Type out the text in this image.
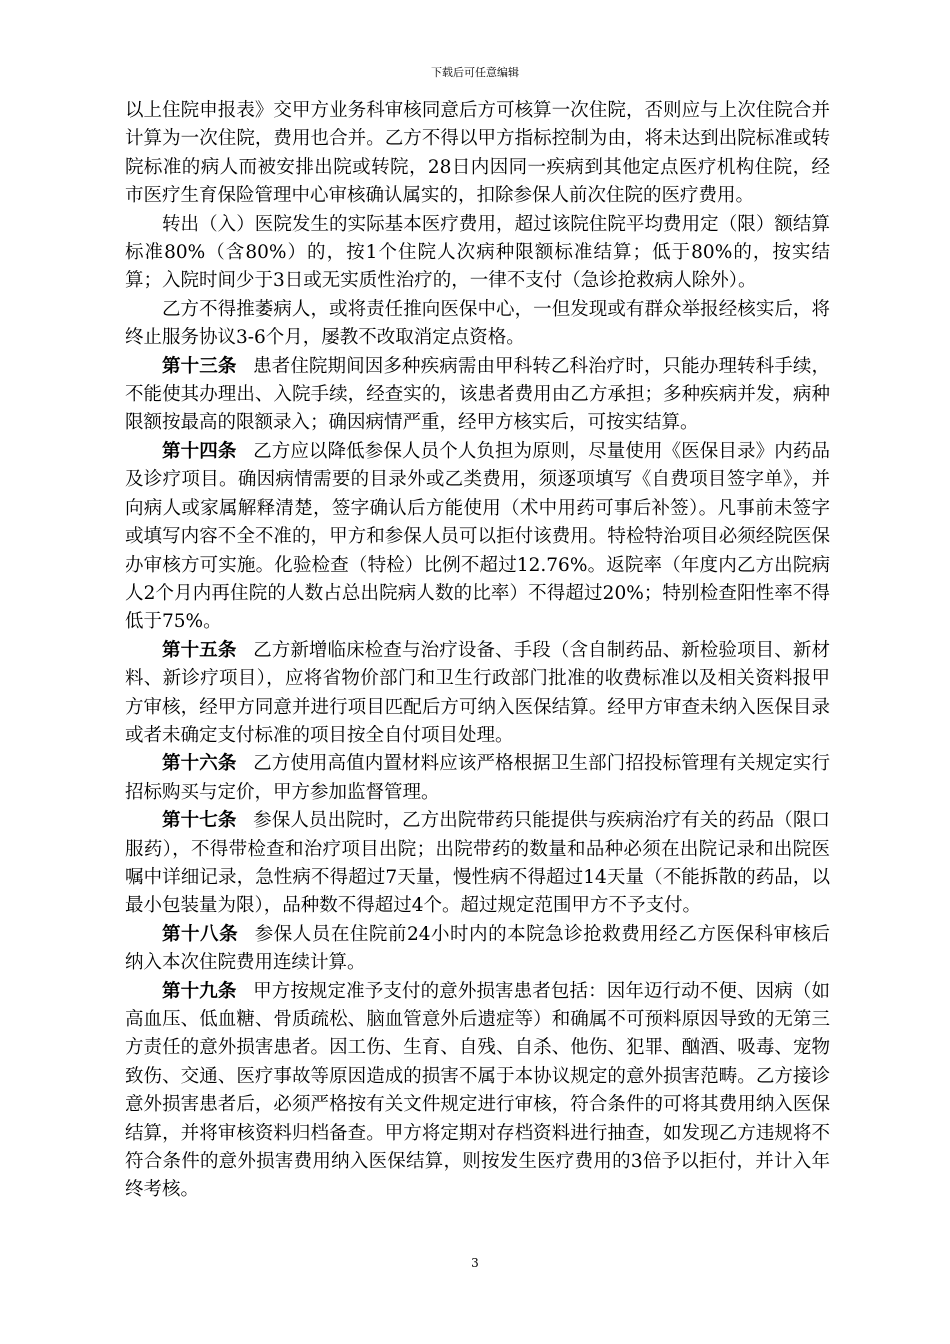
下载后可任意编辑

以上住院申报表》交甲方业务科审核同意后方可核算一次住院，否则应与上次住院合并计算为一次住院，费用也合并。乙方不得以甲方指标控制为由，将未达到出院标准或转院标准的病人而被安排出院或转院，28日内因同一疾病到其他定点医疗机构住院，经市医疗生育保险管理中心审核确认属实的，扣除参保人前次住院的医疗费用。

转出（入）医院发生的实际基本医疗费用，超过该院住院平均费用定（限）额结算标准80%（含80%）的，按1个住院人次病种限额标准结算；低于80%的，按实结算；入院时间少于3日或无实质性治疗的，一律不支付（急诊抢救病人除外）。

乙方不得推萎病人，或将责任推向医保中心，一但发现或有群众举报经核实后，将终止服务协议3-6个月，屡教不改取消定点资格。

第十三条 患者住院期间因多种疾病需由甲科转乙科治疗时，只能办理转科手续，不能使其办理出、入院手续，经查实的，该患者费用由乙方承担；多种疾病并发，病种限额按最高的限额录入；确因病情严重，经甲方核实后，可按实结算。

第十四条 乙方应以降低参保人员个人负担为原则，尽量使用《医保目录》内药品及诊疗项目。确因病情需要的目录外或乙类费用，须逐项填写《自费项目签字单》，并向病人或家属解释清楚，签字确认后方能使用（术中用药可事后补签）。凡事前未签字或填写内容不全不准的，甲方和参保人员可以拒付该费用。特检特治项目必须经院医保办审核方可实施。化验检查（特检）比例不超过12.76%。返院率（年度内乙方出院病人2个月内再住院的人数占总出院病人数的比率）不得超过20%；特别检查阳性率不得低于75%。

第十五条 乙方新增临床检查与治疗设备、手段（含自制药品、新检验项目、新材料、新诊疗项目），应将省物价部门和卫生行政部门批准的收费标准以及相关资料报甲方审核，经甲方同意并进行项目匹配后方可纳入医保结算。经甲方审查未纳入医保目录或者未确定支付标准的项目按全自付项目处理。

第十六条 乙方使用高值内置材料应该严格根据卫生部门招投标管理有关规定实行招标购买与定价，甲方参加监督管理。

第十七条 参保人员出院时，乙方出院带药只能提供与疾病治疗有关的药品（限口服药），不得带检查和治疗项目出院；出院带药的数量和品种必须在出院记录和出院医嘱中详细记录，急性病不得超过7天量，慢性病不得超过14天量（不能拆散的药品，以最小包装量为限），品种数不得超过4个。超过规定范围甲方不予支付。

第十八条 参保人员在住院前24小时内的本院急诊抢救费用经乙方医保科审核后纳入本次住院费用连续计算。

第十九条 甲方按规定准予支付的意外损害患者包括：因年迈行动不便、因病（如高血压、低血糖、骨质疏松、脑血管意外后遗症等）和确属不可预料原因导致的无第三方责任的意外损害患者。因工伤、生育、自残、自杀、他伤、犯罪、酗酒、吸毒、宠物致伤、交通、医疗事故等原因造成的损害不属于本协议规定的意外损害范畴。乙方接诊意外损害患者后，必须严格按有关文件规定进行审核，符合条件的可将其费用纳入医保结算，并将审核资料归档备查。甲方将定期对存档资料进行抽查，如发现乙方违规将不符合条件的意外损害费用纳入医保结算，则按发生医疗费用的3倍予以拒付，并计入年终考核。

3
